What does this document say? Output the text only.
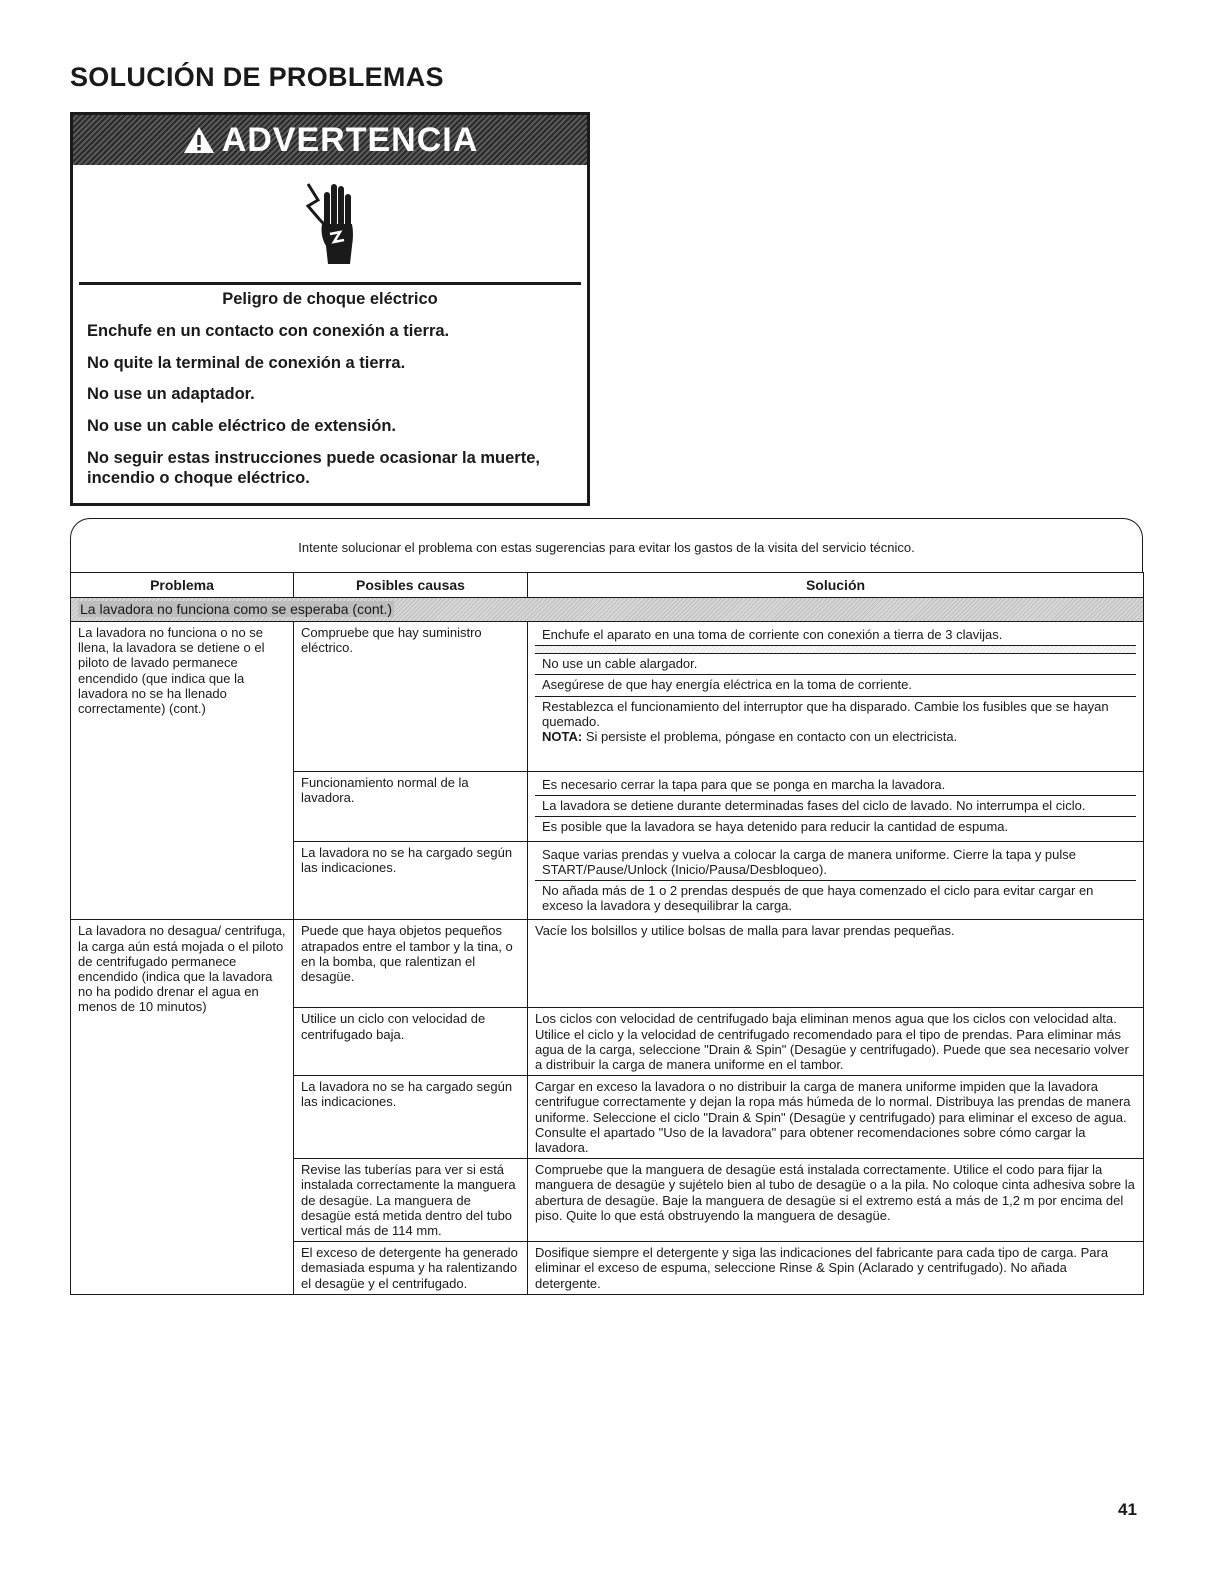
SOLUCIÓN DE PROBLEMAS
ADVERTENCIA
Peligro de choque eléctrico
Enchufe en un contacto con conexión a tierra.
No quite la terminal de conexión a tierra.
No use un adaptador.
No use un cable eléctrico de extensión.
No seguir estas instrucciones puede ocasionar la muerte, incendio o choque eléctrico.
Intente solucionar el problema con estas sugerencias para evitar los gastos de la visita del servicio técnico.
Problema	Posibles causas	Solución
La lavadora no funciona como se esperaba (cont.)		
La lavadora no funciona o no se llena, la lavadora se detiene o el piloto de lavado permanece encendido (que indica que la lavadora no se ha llenado correctamente) (cont.)	Compruebe que hay suministro eléctrico.	Enchufe el aparato en una toma de corriente con conexión a tierra de 3 clavijas.
No use un cable alargador.
Asegúrese de que hay energía eléctrica en la toma de corriente.
Restablezca el funcionamiento del interruptor que ha disparado. Cambie los fusibles que se hayan quemado.
NOTA: Si persiste el problema, póngase en contacto con un electricista.

	Funcionamiento normal de la lavadora.	Es necesario cerrar la tapa para que se ponga en marcha la lavadora.
La lavadora se detiene durante determinadas fases del ciclo de lavado. No interrumpa el ciclo.
Es posible que la lavadora se haya detenido para reducir la cantidad de espuma.

	La lavadora no se ha cargado según las indicaciones.	Saque varias prendas y vuelva a colocar la carga de manera uniforme. Cierre la tapa y pulse START/Pause/Unlock (Inicio/Pausa/Desbloqueo).
No añada más de 1 o 2 prendas después de que haya comenzado el ciclo para evitar cargar en exceso la lavadora y desequilibrar la carga.

La lavadora no desagua/ centrifuga, la carga aún está mojada o el piloto de centrifugado permanece encendido (indica que la lavadora no ha podido drenar el agua en menos de 10 minutos)	Puede que haya objetos pequeños atrapados entre el tambor y la tina, o en la bomba, que ralentizan el desagüe.	Vacíe los bolsillos y utilice bolsas de malla para lavar prendas pequeñas.
	Utilice un ciclo con velocidad de centrifugado baja.	Los ciclos con velocidad de centrifugado baja eliminan menos agua que los ciclos con velocidad alta. Utilice el ciclo y la velocidad de centrifugado recomendado para el tipo de prendas. Para eliminar más agua de la carga, seleccione "Drain & Spin" (Desagüe y centrifugado). Puede que sea necesario volver a distribuir la carga de manera uniforme en el tambor.
	La lavadora no se ha cargado según las indicaciones.	Cargar en exceso la lavadora o no distribuir la carga de manera uniforme impiden que la lavadora centrifugue correctamente y dejan la ropa más húmeda de lo normal. Distribuya las prendas de manera uniforme. Seleccione el ciclo "Drain & Spin" (Desagüe y centrifugado) para eliminar el exceso de agua. Consulte el apartado "Uso de la lavadora" para obtener recomendaciones sobre cómo cargar la lavadora.
	Revise las tuberías para ver si está instalada correctamente la manguera de desagüe. La manguera de desagüe está metida dentro del tubo vertical más de 114 mm.	Compruebe que la manguera de desagüe está instalada correctamente. Utilice el codo para fijar la manguera de desagüe y sujételo bien al tubo de desagüe o a la pila. No coloque cinta adhesiva sobre la abertura de desagüe. Baje la manguera de desagüe si el extremo está a más de 1,2 m por encima del piso. Quite lo que está obstruyendo la manguera de desagüe.
	El exceso de detergente ha generado demasiada espuma y ha ralentizando el desagüe y el centrifugado.	Dosifique siempre el detergente y siga las indicaciones del fabricante para cada tipo de carga. Para eliminar el exceso de espuma, seleccione Rinse & Spin (Aclarado y centrifugado). No añada detergente.
41
